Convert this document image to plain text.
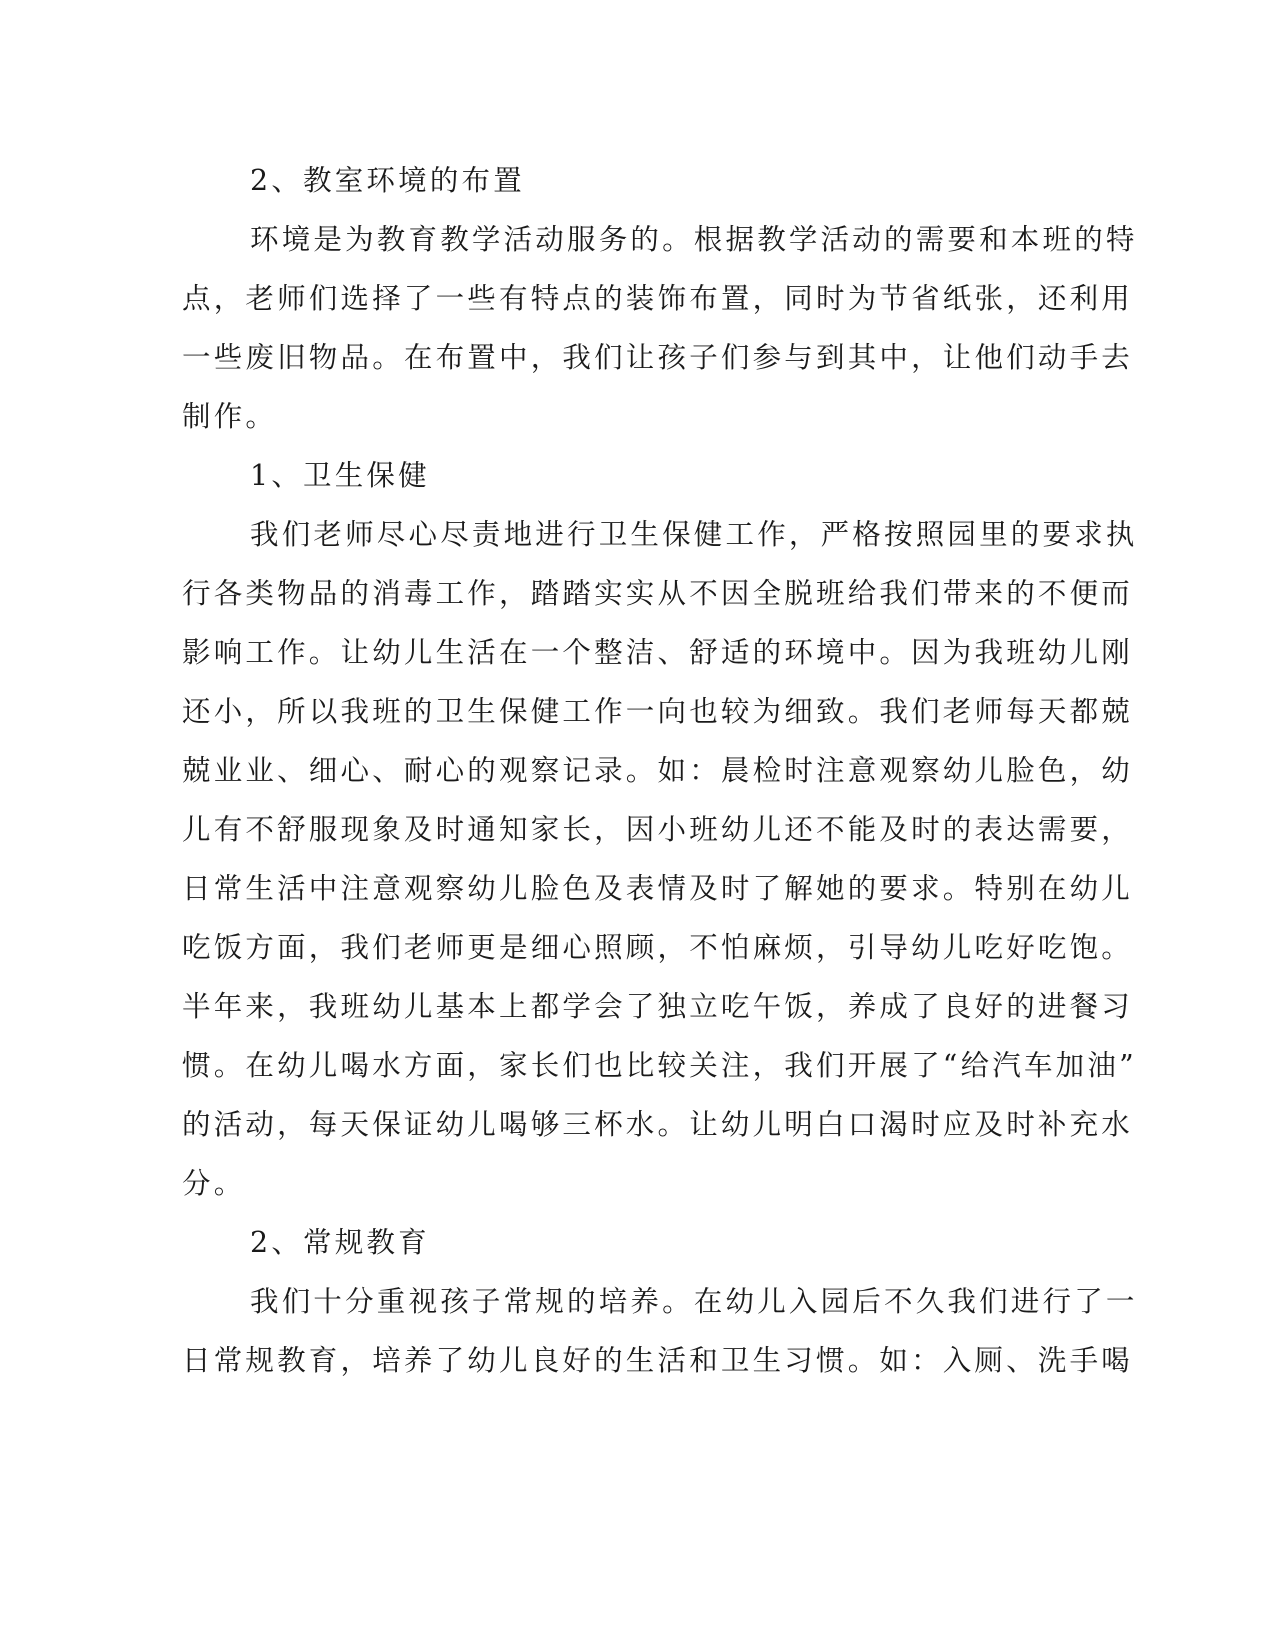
2、教室环境的布置
环境是为教育教学活动服务的。根据教学活动的需要和本班的特
点，老师们选择了一些有特点的装饰布置，同时为节省纸张，还利用
一些废旧物品。在布置中，我们让孩子们参与到其中，让他们动手去
制作。
1、卫生保健
我们老师尽心尽责地进行卫生保健工作，严格按照园里的要求执
行各类物品的消毒工作，踏踏实实从不因全脱班给我们带来的不便而
影响工作。让幼儿生活在一个整洁、舒适的环境中。因为我班幼儿刚
还小，所以我班的卫生保健工作一向也较为细致。我们老师每天都兢
兢业业、细心、耐心的观察记录。如：晨检时注意观察幼儿脸色，幼
儿有不舒服现象及时通知家长，因小班幼儿还不能及时的表达需要，
日常生活中注意观察幼儿脸色及表情及时了解她的要求。特别在幼儿
吃饭方面，我们老师更是细心照顾，不怕麻烦，引导幼儿吃好吃饱。
半年来，我班幼儿基本上都学会了独立吃午饭，养成了良好的进餐习
惯。在幼儿喝水方面，家长们也比较关注，我们开展了“给汽车加油”
的活动，每天保证幼儿喝够三杯水。让幼儿明白口渴时应及时补充水
分。
2、常规教育
我们十分重视孩子常规的培养。在幼儿入园后不久我们进行了一
日常规教育，培养了幼儿良好的生活和卫生习惯。如：入厕、洗手喝
